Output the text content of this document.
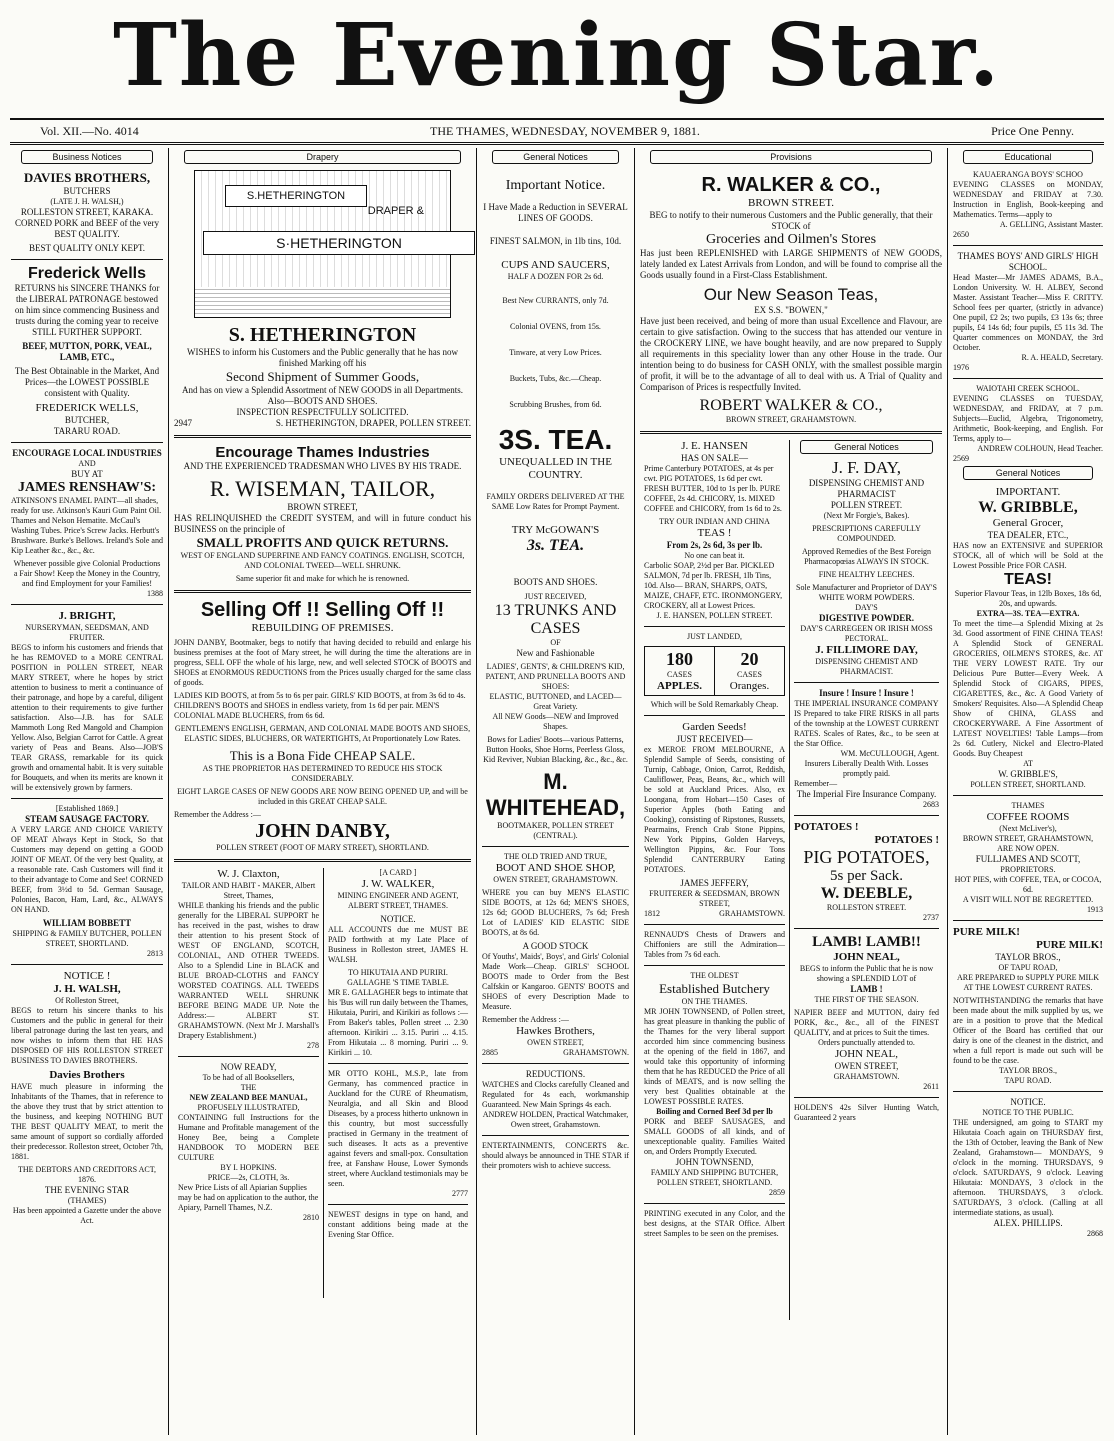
The Evening Star.
Vol. XII.—No. 4014	THE THAMES, WEDNESDAY, NOVEMBER 9, 1881.	Price One Penny.
Business Notices
DAVIES BROTHERS,
BUTCHERS
(LATE J. H. WALSH,)
ROLLESTON STREET, KARAKA.
CORNED PORK and BEEF of the very BEST QUALITY.
BEST QUALITY ONLY KEPT.
Frederick Wells
RETURNS his SINCERE THANKS for the LIBERAL PATRONAGE bestowed on him since commencing Business and trusts during the coming year to receive STILL FURTHER SUPPORT.
BEEF, MUTTON, PORK, VEAL, LAMB, ETC.,
The Best Obtainable in the Market, And Prices—the LOWEST POSSIBLE consistent with Quality.
FREDERICK WELLS,
BUTCHER,
TARARU ROAD.
ENCOURAGE LOCAL INDUSTRIES
AND
BUY AT
JAMES RENSHAW'S:
ATKINSON'S ENAMEL PAINT—all shades, ready for use. Atkinson's Kauri Gum Paint Oil. Thames and Nelson Hematite. McCaul's Washing Tubes. Price's Screw Jacks. Herbutt's Brushware. Burke's Bellows. Ireland's Sole and Kip Leather &c., &c., &c.
Whenever possible give Colonial Productions a Fair Show! Keep the Money in the Country, and find Employment for your Families!
1388
J. BRIGHT,
NURSERYMAN, SEEDSMAN, AND FRUITER.
BEGS to inform his customers and friends that he has REMOVED to a MORE CENTRAL POSITION in POLLEN STREET, NEAR MARY STREET, where he hopes by strict attention to business to merit a continuance of their patronage, and hope by a careful, diligent attention to their requirements to give further satisfaction. Also—J.B. has for SALE Mammoth Long Red Mangold and Champion Yellow. Also, Belgian Carrot for Cattle. A great variety of Peas and Beans. Also—JOB'S TEAR GRASS, remarkable for its quick growth and ornamental habit. It is very suitable for Bouquets, and when its merits are known it will be extensively grown by farmers.
[Established 1869.]
STEAM SAUSAGE FACTORY.
A VERY LARGE AND CHOICE VARIETY OF MEAT Always Kept in Stock, So that Customers may depend on getting a GOOD JOINT OF MEAT. Of the very best Quality, at a reasonable rate. Cash Customers will find it to their advantage to Come and See! CORNED BEEF, from 3½d to 5d. German Sausage, Polonies, Bacon, Ham, Lard, &c., ALWAYS ON HAND.
WILLIAM BOBBETT
SHIPPING & FAMILY BUTCHER, POLLEN STREET, SHORTLAND.
2813
NOTICE !
J. H. WALSH,
Of Rolleston Street,
BEGS to return his sincere thanks to his Customers and the public in general for their liberal patronage during the last ten years, and now wishes to inform them that HE HAS DISPOSED OF HIS ROLLESTON STREET BUSINESS TO DAVIES BROTHERS.
Davies Brothers
HAVE much pleasure in informing the Inhabitants of the Thames, that in reference to the above they trust that by strict attention to the business, and keeping NOTHING BUT THE BEST QUALITY MEAT, to merit the same amount of support so cordially afforded their predecessor. Rolleston street, October 7th, 1881.
THE DEBTORS AND CREDITORS ACT, 1876.
THE EVENING STAR
(THAMES)
Has been appointed a Gazette under the above Act.
Drapery
S.HETHERINGTON
DRAPER &
S·HETHERINGTON
S. HETHERINGTON
WISHES to inform his Customers and the Public generally that he has now finished Marking off his
Second Shipment of Summer Goods,
And has on view a Splendid Assortment of NEW GOODS in all Departments.
Also—BOOTS AND SHOES.
INSPECTION RESPECTFULLY SOLICITED.
2947	S. HETHERINGTON, DRAPER, POLLEN STREET.
Encourage Thames Industries
AND THE EXPERIENCED TRADESMAN WHO LIVES BY HIS TRADE.
R. WISEMAN, TAILOR,
BROWN STREET,
HAS RELINQUISHED the CREDIT SYSTEM, and will in future conduct his BUSINESS on the principle of
SMALL PROFITS AND QUICK RETURNS.
WEST OF ENGLAND SUPERFINE AND FANCY COATINGS. ENGLISH, SCOTCH, AND COLONIAL TWEED—WELL SHRUNK.
Same superior fit and make for which he is renowned.
Selling Off !! Selling Off !!
REBUILDING OF PREMISES.
JOHN DANBY, Bootmaker, begs to notify that having decided to rebuild and enlarge his business premises at the foot of Mary street, he will during the time the alterations are in progress, SELL OFF the whole of his large, new, and well selected STOCK of BOOTS and SHOES at ENORMOUS REDUCTIONS from the Prices usually charged for the same class of goods.
LADIES KID BOOTS, at from 5s to 6s per pair. GIRLS' KID BOOTS, at from 3s 6d to 4s. CHILDREN'S BOOTS and SHOES in endless variety, from 1s 6d per pair. MEN'S COLONIAL MADE BLUCHERS, from 6s 6d.
GENTLEMEN'S ENGLISH, GERMAN, AND COLONIAL MADE BOOTS AND SHOES, ELASTIC SIDES, BLUCHERS, OR WATERTIGHTS, At Proportionately Low Rates.
This is a Bona Fide CHEAP SALE.
AS THE PROPRIETOR HAS DETERMINED TO REDUCE HIS STOCK CONSIDERABLY.
EIGHT LARGE CASES OF NEW GOODS ARE NOW BEING OPENED UP, and will be included in this GREAT CHEAP SALE.
Remember the Address :—
JOHN DANBY,
POLLEN STREET (FOOT OF MARY STREET), SHORTLAND.
W. J. Claxton,
TAILOR AND HABIT - MAKER, Albert Street, Thames,
WHILE thanking his friends and the public generally for the LIBERAL SUPPORT he has received in the past, wishes to draw their attention to his present Stock of WEST OF ENGLAND, SCOTCH, COLONIAL, AND OTHER TWEEDS. Also to a Splendid Line in BLACK and BLUE BROAD-CLOTHS and FANCY WORSTED COATINGS. ALL TWEEDS WARRANTED WELL SHRUNK BEFORE BEING MADE UP. Note the Address:— ALBERT ST. GRAHAMSTOWN. (Next Mr J. Marshall's Drapery Establishment.)
278
NOW READY,
To be had of all Booksellers,
THE
NEW ZEALAND BEE MANUAL,
PROFUSELY ILLUSTRATED,
CONTAINING full Instructions for the Humane and Profitable management of the Honey Bee, being a Complete HANDBOOK TO MODERN BEE CULTURE
BY I. HOPKINS.
PRICE—2s, CLOTH, 3s.
New Price Lists of all Apiarian Supplies may be had on application to the author, the Apiary, Parnell Thames, N.Z.
2810
[A CARD ]
J. W. WALKER,
MINING ENGINEER AND AGENT, ALBERT STREET, THAMES.
NOTICE.
ALL ACCOUNTS due me MUST BE PAID forthwith at my Late Place of Business in Rolleston street, JAMES H. WALSH.
TO HIKUTAIA AND PURIRI.
GALLAGHE 'S TIME TABLE.
MR E. GALLAGHER begs to intimate that his 'Bus will run daily between the Thames, Hikutaia, Puriri, and Kirikiri as follows :— From Baker's tables, Pollen street ... 2.30 afternoon. Kirikiri ... 3.15. Puriri ... 4.15. From Hikutaia ... 8 morning. Puriri ... 9. Kirikiri ... 10.
MR OTTO KOHL, M.S.P., late from Germany, has commenced practice in Auckland for the CURE of Rheumatism, Neuralgia, and all Skin and Blood Diseases, by a process hitherto unknown in this country, but most successfully practised in Germany in the treatment of such diseases. It acts as a preventive against fevers and small-pox. Consultation free, at Fanshaw House, Lower Symonds street, where Auckland testimonials may be seen.
2777
NEWEST designs in type on hand, and constant additions being made at the Evening Star Office.
General Notices
Important Notice.
I Have Made a Reduction in SEVERAL LINES OF GOODS.
FINEST SALMON, in 1lb tins, 10d.
CUPS AND SAUCERS,
HALF A DOZEN FOR 2s 6d.
Best New CURRANTS, only 7d.
Colonial OVENS, from 15s.
Tinware, at very Low Prices.
Buckets, Tubs, &c.—Cheap.
Scrubbing Brushes, from 6d.
3S. TEA.
UNEQUALLED IN THE COUNTRY.
FAMILY ORDERS DELIVERED AT THE SAME Low Rates for Prompt Payment.
TRY McGOWAN'S
3s. TEA.
BOOTS AND SHOES.
JUST RECEIVED,
13 TRUNKS AND CASES
OF
New and Fashionable
LADIES', GENTS', & CHILDREN'S KID, PATENT, AND PRUNELLA BOOTS AND SHOES:
ELASTIC, BUTTONED, and LACED—Great Variety.
All NEW Goods—NEW and Improved Shapes.
Bows for Ladies' Boots—various Patterns, Button Hooks, Shoe Horns, Peerless Gloss, Kid Reviver, Nubian Blacking, &c., &c., &c.
M. WHITEHEAD,
BOOTMAKER, POLLEN STREET (CENTRAL).
THE OLD TRIED AND TRUE,
BOOT AND SHOE SHOP,
OWEN STREET, GRAHAMSTOWN.
WHERE you can buy MEN'S ELASTIC SIDE BOOTS, at 12s 6d; MEN'S SHOES, 12s 6d; GOOD BLUCHERS, 7s 6d; Fresh Lot of LADIES' KID ELASTIC SIDE BOOTS, at 8s 6d.
A GOOD STOCK
Of Youths', Maids', Boys', and Girls' Colonial Made Work—Cheap. GIRLS' SCHOOL BOOTS made to Order from the Best Calfskin or Kangaroo. GENTS' BOOTS and SHOES of every Description Made to Measure.
Remember the Address :—
Hawkes Brothers,
OWEN STREET,
2885	GRAHAMSTOWN.
REDUCTIONS.
WATCHES and Clocks carefully Cleaned and Regulated for 4s each, workmanship Guaranteed. New Main Springs 4s each.
ANDREW HOLDEN, Practical Watchmaker, Owen street, Grahamstown.
ENTERTAINMENTS, CONCERTS &c. should always be announced in THE STAR if their promoters wish to achieve success.
Provisions
R. WALKER & CO.,
BROWN STREET.
BEG to notify to their numerous Customers and the Public generally, that their STOCK of
Groceries and Oilmen's Stores
Has just been REPLENISHED with LARGE SHIPMENTS of NEW GOODS, lately landed ex Latest Arrivals from London, and will be found to comprise all the Goods usually found in a First-Class Establishment.
Our New Season Teas,
EX S.S. "BOWEN,"
Have just been received, and being of more than usual Excellence and Flavour, are certain to give satisfaction. Owing to the success that has attended our venture in the CROCKERY LINE, we have bought heavily, and are now prepared to Supply all requirements in this speciality lower than any other House in the trade. Our intention being to do business for CASH ONLY, with the smallest possible margin of profit, it will be to the advantage of all to deal with us. A Trial of Quality and Comparison of Prices is respectfully Invited.
ROBERT WALKER & CO.,
BROWN STREET, GRAHAMSTOWN.
J. E. HANSEN
HAS ON SALE—
Prime Canterbury POTATOES, at 4s per cwt. PIG POTATOES, 1s 6d per cwt. FRESH BUTTER, 10d to 1s per lb. PURE COFFEE, 2s 4d. CHICORY, 1s. MIXED COFFEE and CHICORY, from 1s 6d to 2s.
TRY OUR INDIAN AND CHINA
TEAS !
From 2s, 2s 6d, 3s per lb.
No one can beat it.
Carbolic SOAP, 2½d per Bar. PICKLED SALMON, 7d per lb. FRESH, 1lb Tins, 10d. Also— BRAN, SHARPS, OATS, MAIZE, CHAFF, ETC. IRONMONGERY, CROCKERY, all at Lowest Prices.
J. E. HANSEN, POLLEN STREET.
JUST LANDED,
180
CASES
APPLES.
20
CASES
Oranges.
Which will be Sold Remarkably Cheap.
Garden Seeds!
JUST RECEIVED—
ex MEROE FROM MELBOURNE, A Splendid Sample of Seeds, consisting of Turnip, Cabbage, Onion, Carrot, Reddish, Cauliflower, Peas, Beans, &c., which will be sold at Auckland Prices. Also, ex Loongana, from Hobart—150 Cases of Superior Apples (both Eating and Cooking), consisting of Ripstones, Russets, Pearmains, French Crab Stone Pippins, New York Pippins, Golden Harveys, Wellington Pippins, &c. Four Tons Splendid CANTERBURY Eating POTATOES.
JAMES JEFFERY,
FRUITERER & SEEDSMAN, BROWN STREET,
1812	GRAHAMSTOWN.
RENNAUD'S Chests of Drawers and Chiffoniers are still the Admiration—Tables from 7s 6d each.
THE OLDEST
Established Butchery
ON THE THAMES.
MR JOHN TOWNSEND, of Pollen street, has great pleasure in thanking the public of the Thames for the very liberal support accorded him since commencing business at the opening of the field in 1867, and would take this opportunity of informing them that he has REDUCED the Price of all kinds of MEATS, and is now selling the very best Qualities obtainable at the LOWEST POSSIBLE RATES.
Boiling and Corned Beef 3d per lb
PORK and BEEF SAUSAGES, and SMALL GOODS of all kinds, and of unexceptionable quality. Families Waited on, and Orders Promptly Executed.
JOHN TOWNSEND,
FAMILY AND SHIPPING BUTCHER, POLLEN STREET, SHORTLAND.
2859
PRINTING executed in any Color, and the best designs, at the STAR Office. Albert street Samples to be seen on the premises.
General Notices
J. F. DAY,
DISPENSING CHEMIST AND PHARMACIST
POLLEN STREET.
(Next Mr Forgie's, Bakes).
PRESCRIPTIONS CAREFULLY COMPOUNDED.
Approved Remedies of the Best Foreign Pharmacopœias ALWAYS IN STOCK.
FINE HEALTHY LEECHES.
Sole Manufacturer and Proprietor of DAY'S WHITE WORM POWDERS.
DAY'S
DIGESTIVE POWDER.
DAY'S CARREGEEN OR IRISH MOSS PECTORAL.
J. FILLIMORE DAY,
DISPENSING CHEMIST AND PHARMACIST.
Insure ! Insure ! Insure !
THE IMPERIAL INSURANCE COMPANY
IS Prepared to take FIRE RISKS in all parts of the township at the LOWEST CURRENT RATES. Scales of Rates, &c., to be seen at the Star Office.
WM. McCULLOUGH, Agent.
Insurers Liberally Dealth With. Losses promptly paid.
Remember—
The Imperial Fire Insurance Company.
2683
POTATOES !
POTATOES !
PIG POTATOES,
5s per Sack.
W. DEEBLE,
ROLLESTON STREET.
2737
LAMB! LAMB!!
JOHN NEAL,
BEGS to inform the Public that he is now showing a SPLENDID LOT of
LAMB !
THE FIRST OF THE SEASON.
NAPIER BEEF and MUTTON, dairy fed PORK, &c., &c., all of the FINEST QUALITY, and at prices to Suit the times.
Orders punctually attended to.
JOHN NEAL,
OWEN STREET,
GRAHAMSTOWN.
2611
HOLDEN'S 42s Silver Hunting Watch, Guaranteed 2 years
Educational
KAUAERANGA BOYS' SCHOO
EVENING CLASSES on MONDAY, WEDNESDAY and FRIDAY at 7.30. Instruction in English, Book-keeping and Mathematics. Terms—apply to
A. GELLING, Assistant Master.
2650
THAMES BOYS' AND GIRLS' HIGH SCHOOL.
Head Master—Mr JAMES ADAMS, B.A., London University. W. H. ALBEY, Second Master. Assistant Teacher—Miss F. CRITTY. School fees per quarter, (strictly in advance) One pupil, £2 2s; two pupils, £3 13s 6s; three pupils, £4 14s 6d; four pupils, £5 11s 3d. The Quarter commences on MONDAY, the 3rd October.
R. A. HEALD, Secretary.
1976
WAIOTAHI CREEK SCHOOL.
EVENING CLASSES on TUESDAY, WEDNESDAY, and FRIDAY, at 7 p.m. Subjects—Euclid, Algebra, Trigonometry, Arithmetic, Book-keeping, and English. For Terms, apply to—
ANDREW COLHOUN, Head Teacher.
2569
General Notices
IMPORTANT.
W. GRIBBLE,
General Grocer,
TEA DEALER, ETC.,
HAS now an EXTENSIVE and SUPERIOR STOCK, all of which will be Sold at the Lowest Possible Price FOR CASH.
TEAS!
Superior Flavour Teas, in 12lb Boxes, 18s 6d, 20s, and upwards.
EXTRA—3S. TEA—EXTRA.
To meet the time—a Splendid Mixing at 2s 3d. Good assortment of FINE CHINA TEAS! A Splendid Stock of GENERAL GROCERIES, OILMEN'S STORES, &c. AT THE VERY LOWEST RATE. Try our Delicious Pure Butter—Every Week. A Splendid Stock of CIGARS, PIPES, CIGARETTES, &c., &c. A Good Variety of Smokers' Requisites. Also—A Splendid Cheap Show of CHINA, GLASS and CROCKERYWARE. A Fine Assortment of LATEST NOVELTIES! Table Lamps—from 2s 6d. Cutlery, Nickel and Electro-Plated Goods. Buy Cheapest
AT
W. GRIBBLE'S,
POLLEN STREET, SHORTLAND.
THAMES
COFFEE ROOMS
(Next McLiver's),
BROWN STREET, GRAHAMSTOWN,
ARE NOW OPEN.
FULLJAMES AND SCOTT,
PROPRIETORS.
HOT PIES, with COFFEE, TEA, or COCOA, 6d.
A VISIT WILL NOT BE REGRETTED.
1913
PURE MILK!
PURE MILK!
TAYLOR BROS.,
OF TAPU ROAD,
ARE PREPARED to SUPPLY PURE MILK AT THE LOWEST CURRENT RATES.
NOTWITHSTANDING the remarks that have been made about the milk supplied by us, we are in a position to prove that the Medical Officer of the Board has certified that our dairy is one of the cleanest in the district, and when a full report is made out such will be found to be the case.
TAYLOR BROS.,
TAPU ROAD.
NOTICE.
NOTICE TO THE PUBLIC.
THE undersigned, am going to START my Hikutaia Coach again on THURSDAY first, the 13th of October, leaving the Bank of New Zealand, Grahamstown— MONDAYS, 9 o'clock in the morning. THURSDAYS, 9 o'clock. SATURDAYS, 9 o'clock. Leaving Hikutaia: MONDAYS, 3 o'clock in the afternoon. THURSDAYS, 3 o'clock. SATURDAYS, 3 o'clock. (Calling at all intermediate stations, as usual).
ALEX. PHILLIPS.
2868
